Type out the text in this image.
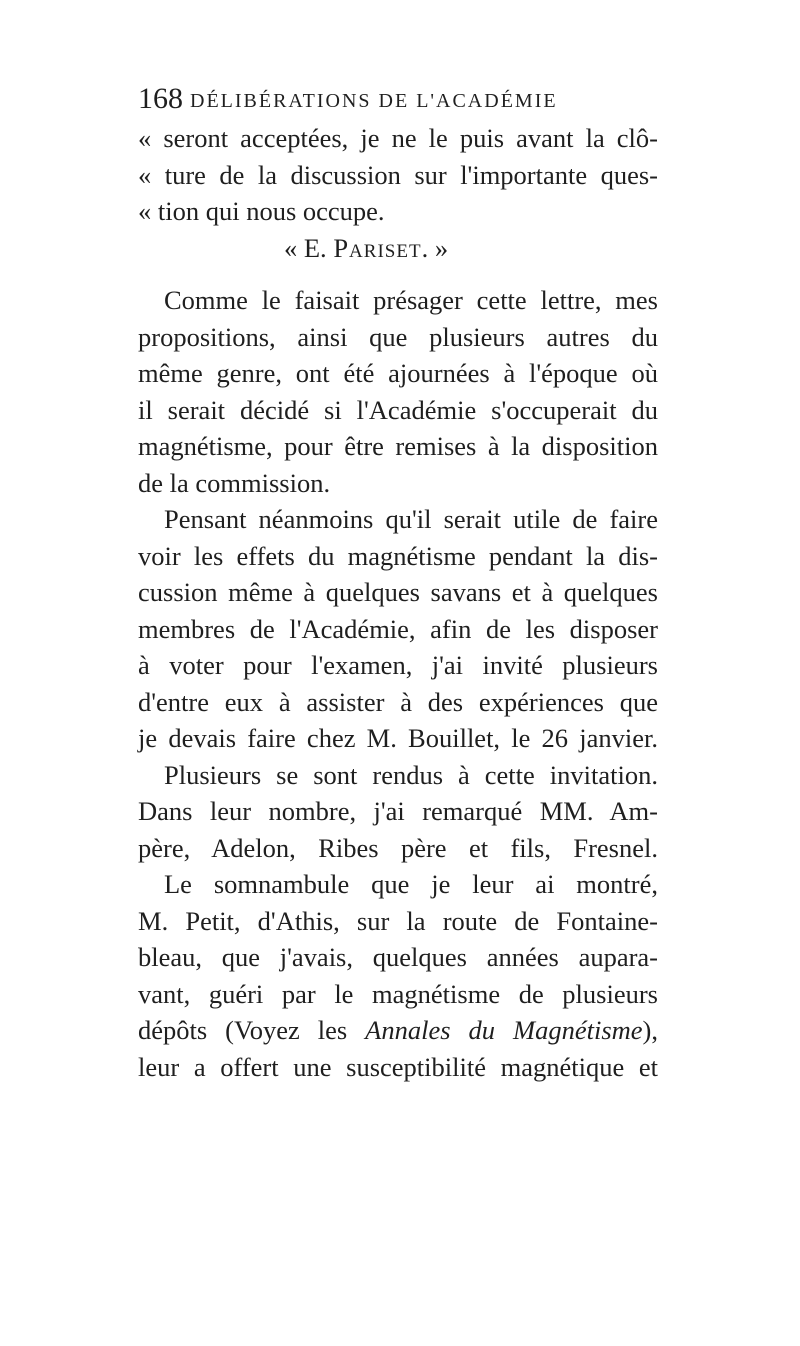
168 DÉLIBÉRATIONS DE L'ACADÉMIE
« seront acceptées, je ne le puis avant la clô-
« ture de la discussion sur l'importante ques-
« tion qui nous occupe.
« E. Pariset. »
Comme le faisait présager cette lettre, mes
propositions, ainsi que plusieurs autres du
même genre, ont été ajournées à l'époque où
il serait décidé si l'Académie s'occuperait du
magnétisme, pour être remises à la disposition
de la commission.
Pensant néanmoins qu'il serait utile de faire
voir les effets du magnétisme pendant la dis-
cussion même à quelques savans et à quelques
membres de l'Académie, afin de les disposer
à voter pour l'examen, j'ai invité plusieurs
d'entre eux à assister à des expériences que
je devais faire chez M. Bouillet, le 26 janvier.
Plusieurs se sont rendus à cette invitation.
Dans leur nombre, j'ai remarqué MM. Am-
père, Adelon, Ribes père et fils, Fresnel.
Le somnambule que je leur ai montré,
M. Petit, d'Athis, sur la route de Fontaine-
bleau, que j'avais, quelques années aupara-
vant, guéri par le magnétisme de plusieurs
dépôts (Voyez les Annales du Magnétisme),
leur a offert une susceptibilité magnétique et
